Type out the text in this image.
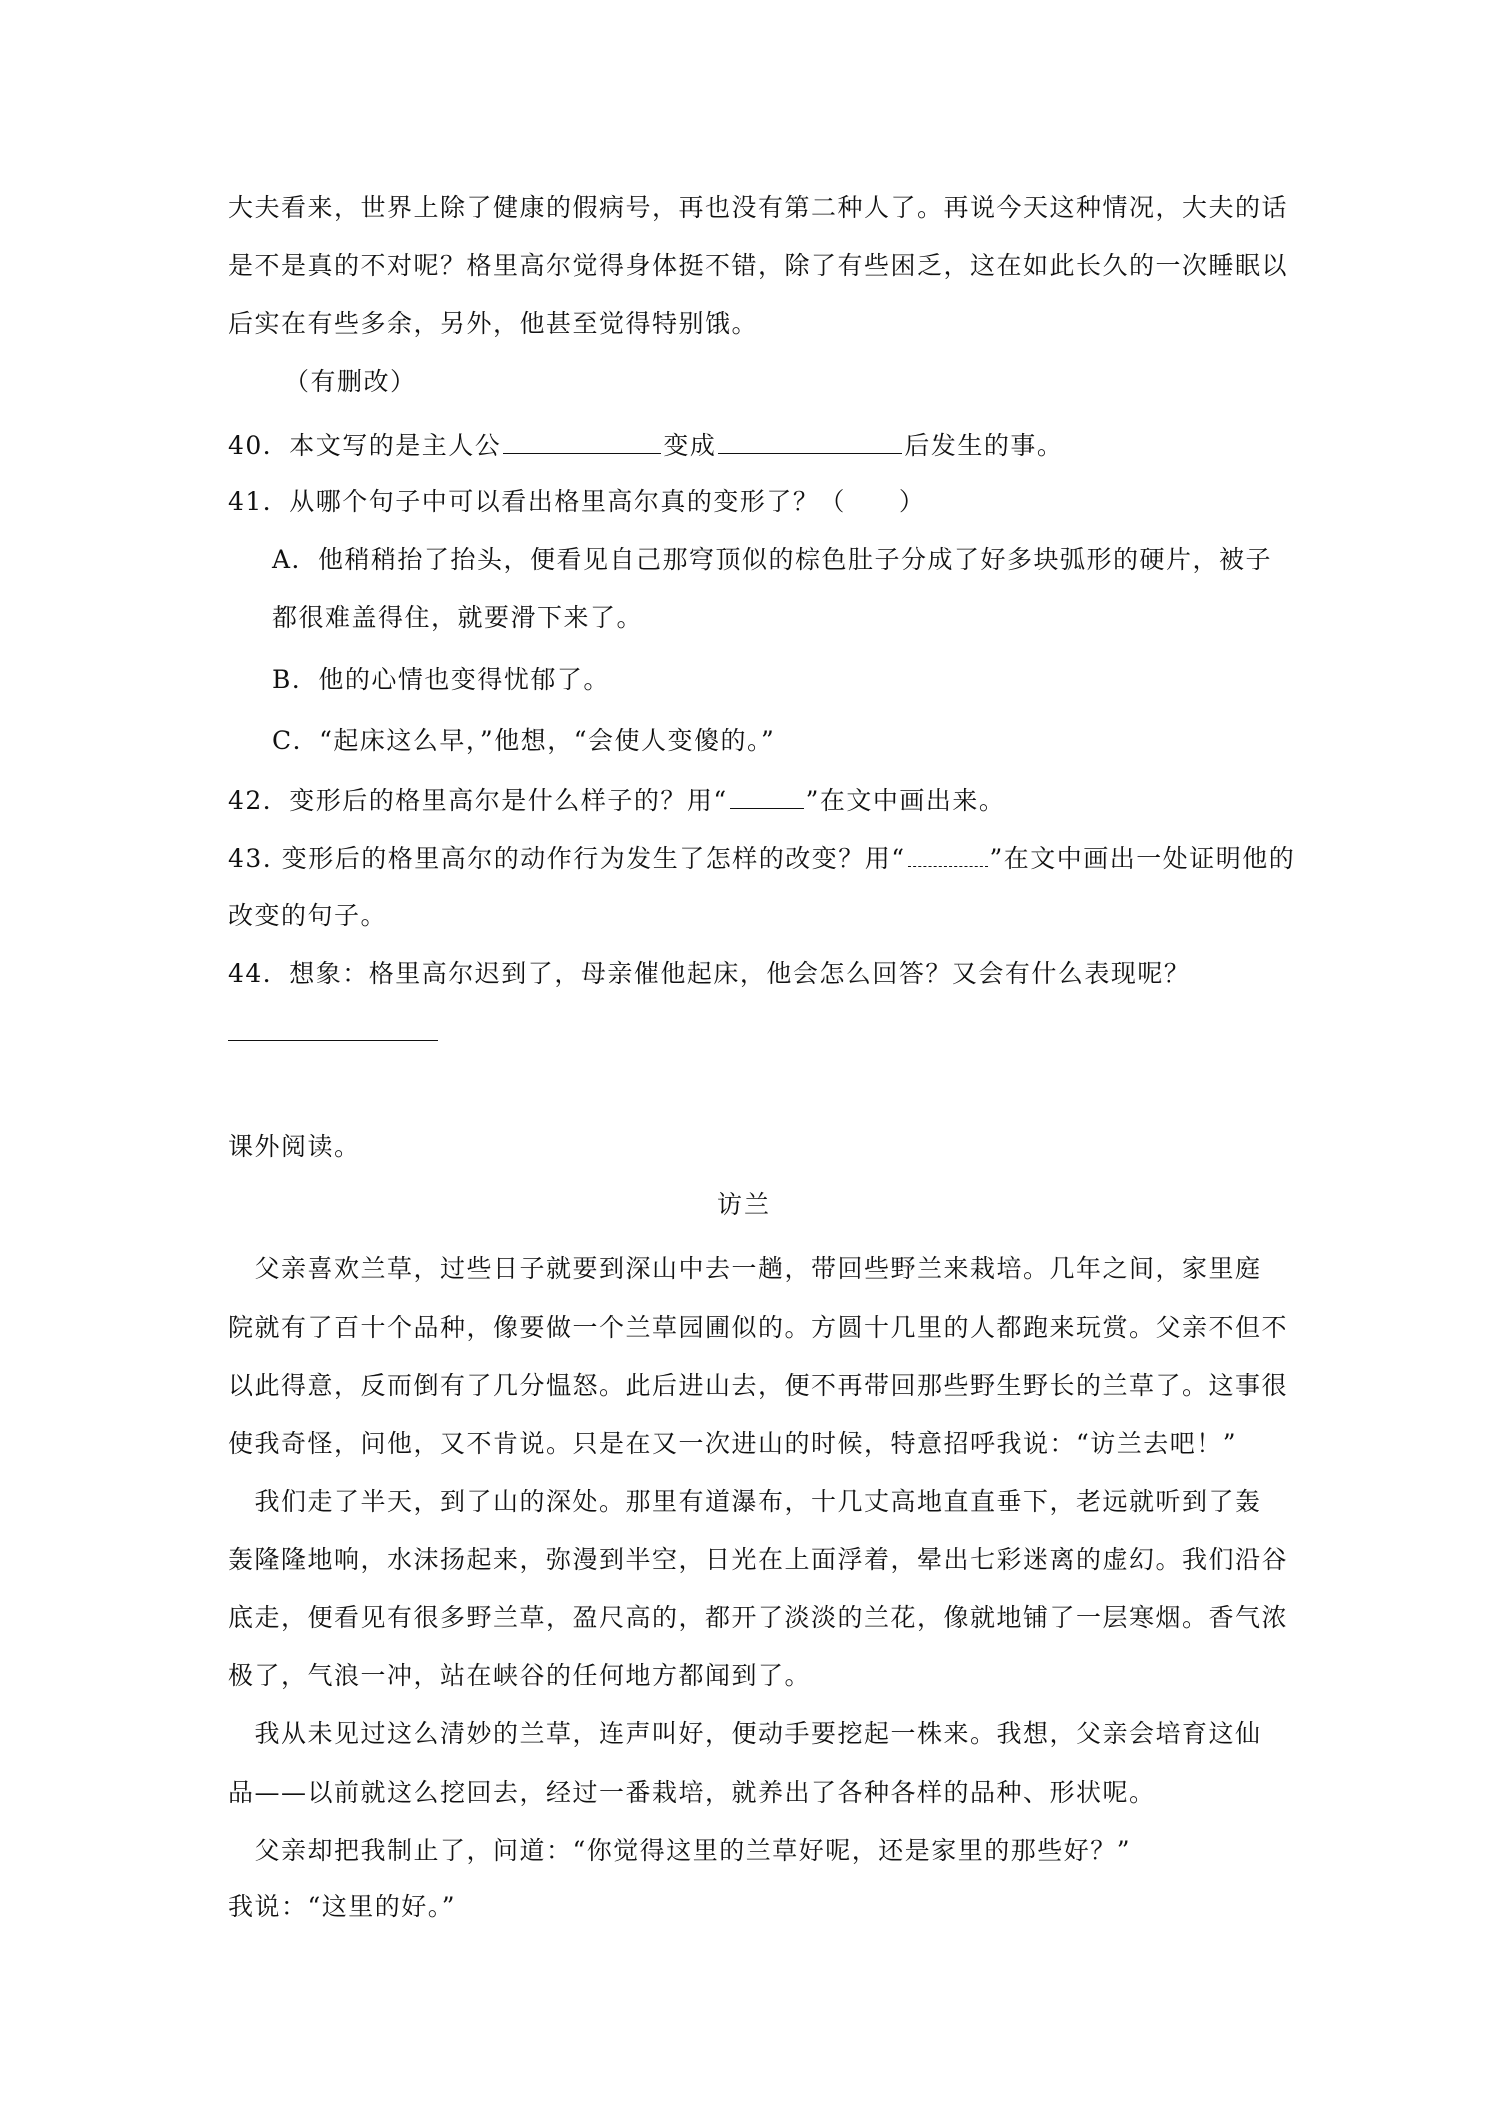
大夫看来，世界上除了健康的假病号，再也没有第二种人了。再说今天这种情况，大夫的话
是不是真的不对呢？格里高尔觉得身体挺不错，除了有些困乏，这在如此长久的一次睡眠以
后实在有些多余，另外，他甚至觉得特别饿。
（有删改）
40．本文写的是主人公	变成	后发生的事。
41．从哪个句子中可以看出格里高尔真的变形了？（　　）
A．他稍稍抬了抬头，便看见自己那穹顶似的棕色肚子分成了好多块弧形的硬片，被子
都很难盖得住，就要滑下来了。
B．他的心情也变得忧郁了。
C．“起床这么早，”他想，“会使人变傻的。”
42．变形后的格里高尔是什么样子的？用“	”在文中画出来。
43. 变形后的格里高尔的动作行为发生了怎样的改变？用“	”在文中画出一处证明他的
改变的句子。
44．想象：格里高尔迟到了，母亲催他起床，他会怎么回答？又会有什么表现呢？
课外阅读。
访兰
　父亲喜欢兰草，过些日子就要到深山中去一趟，带回些野兰来栽培。几年之间，家里庭
院就有了百十个品种，像要做一个兰草园圃似的。方圆十几里的人都跑来玩赏。父亲不但不
以此得意，反而倒有了几分愠怒。此后进山去，便不再带回那些野生野长的兰草了。这事很
使我奇怪，问他，又不肯说。只是在又一次进山的时候，特意招呼我说：“访兰去吧！”
　我们走了半天，到了山的深处。那里有道瀑布，十几丈高地直直垂下，老远就听到了轰
轰隆隆地响，水沫扬起来，弥漫到半空，日光在上面浮着，晕出七彩迷离的虚幻。我们沿谷
底走，便看见有很多野兰草，盈尺高的，都开了淡淡的兰花，像就地铺了一层寒烟。香气浓
极了，气浪一冲，站在峡谷的任何地方都闻到了。
　我从未见过这么清妙的兰草，连声叫好，便动手要挖起一株来。我想，父亲会培育这仙
品——以前就这么挖回去，经过一番栽培，就养出了各种各样的品种、形状呢。
　父亲却把我制止了，问道：“你觉得这里的兰草好呢，还是家里的那些好？”
我说：“这里的好。”
